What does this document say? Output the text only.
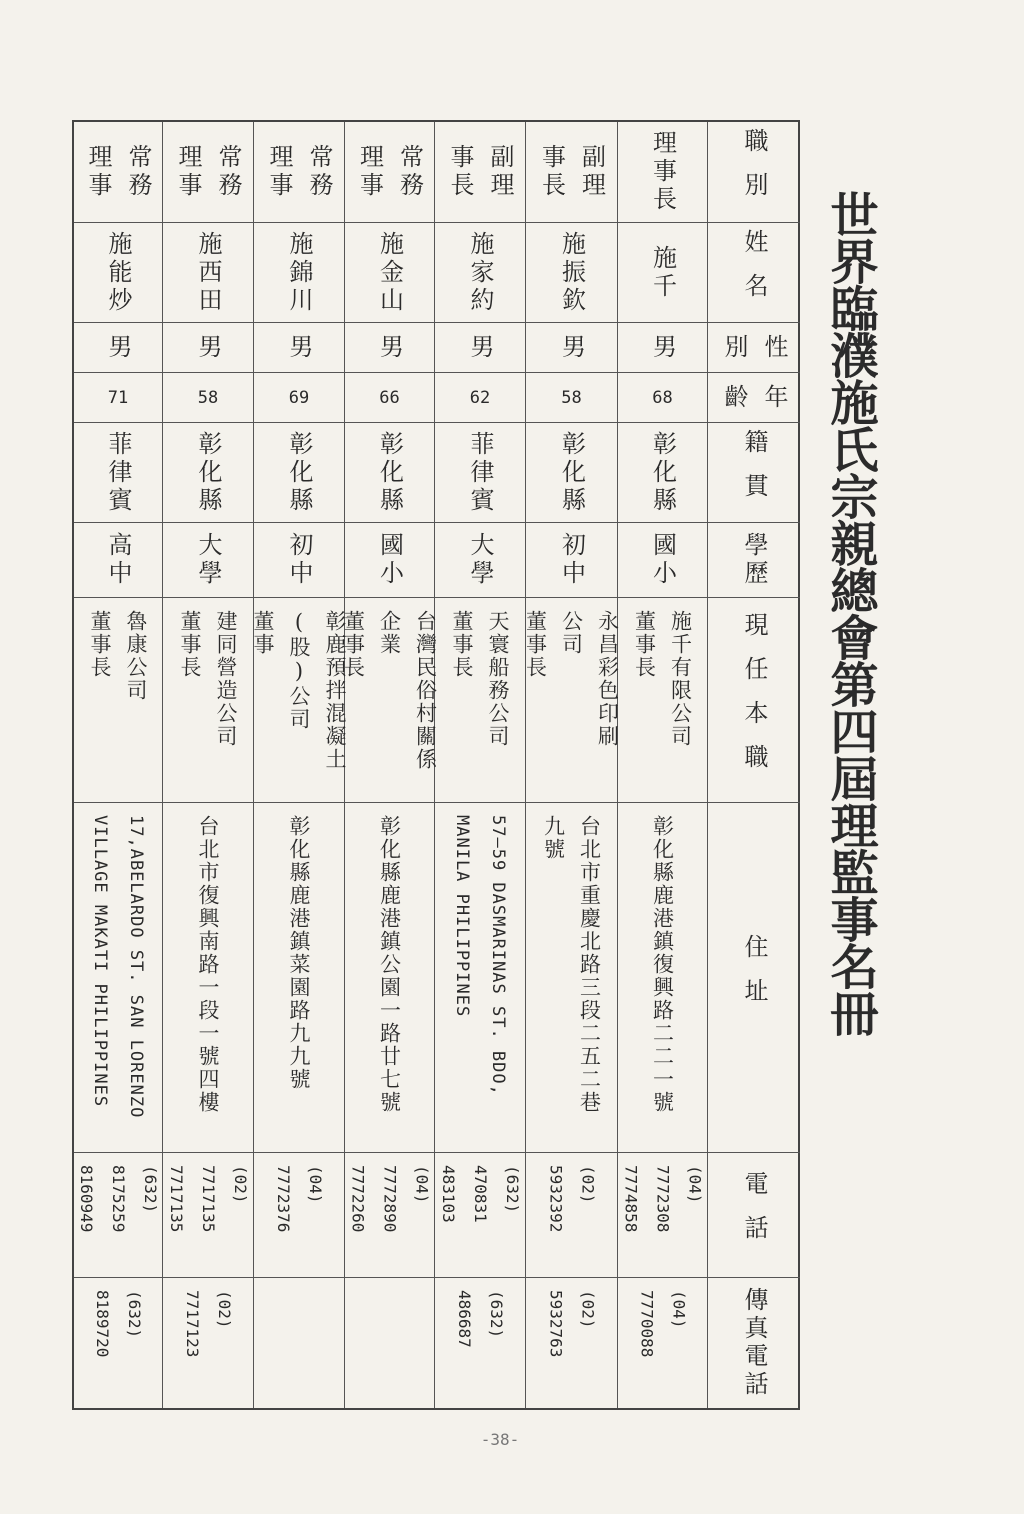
世界臨濮施氏宗親總會第四屆理監事名冊
職別
姓名
性
別
年
齡
籍貫
學歷
現任本職
住址
電話
傳真電話
理事長
施千
男
68
彰化縣
國小
施千有限公司
董事長
彰化縣鹿港鎮復興路二二一號
(04)
7772308
7774858
(04)
7770088
副理
事長
施振欽
男
58
彰化縣
初中
永昌彩色印刷
公司
董事長
台北市重慶北路三段二五二巷
九號
(02)
5932392
(02)
5932763
副理
事長
施家約
男
62
菲律賓
大學
天寰船務公司
董事長
57—59 DASMARINAS ST. BDO,
MANILA PHILIPPINES
(632)
470831
483103
(632)
486687
常務
理事
施金山
男
66
彰化縣
國小
台灣民俗村關係
企業
董事長
彰化縣鹿港鎮公園一路廿七號
(04)
7772890
7772260
常務
理事
施錦川
男
69
彰化縣
初中
彰鹿預拌混凝土
(股)公司
董事
彰化縣鹿港鎮菜園路九九號
(04)
7772376
常務
理事
施西田
男
58
彰化縣
大學
建同營造公司
董事長
台北市復興南路一段一號四樓
(02)
7717135
7717135
(02)
7717123
常務
理事
施能炒
男
71
菲律賓
高中
魯康公司
董事長
17,ABELARDO ST. SAN LORENZO
VILLAGE MAKATI PHILIPPINES
(632)
8175259
8160949
(632)
8189720
-38-
